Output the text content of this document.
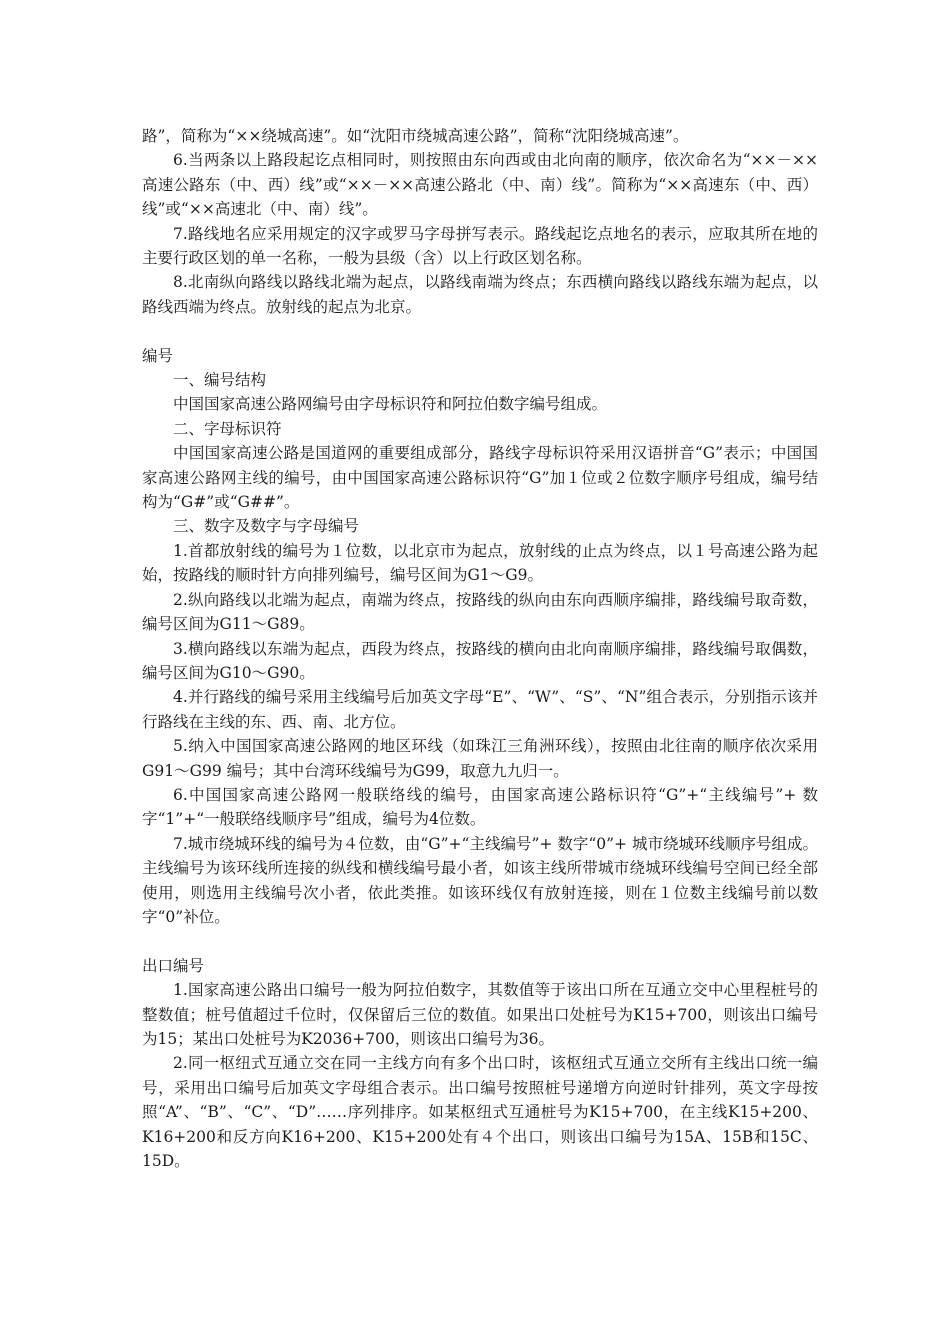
路”，简称为“××绕城高速”。如“沈阳市绕城高速公路”，简称“沈阳绕城高速”。

6.当两条以上路段起讫点相同时，则按照由东向西或由北向南的顺序，依次命名为“××－××高速公路东（中、西）线”或“××－××高速公路北（中、南）线”。简称为“××高速东（中、西）线”或“××高速北（中、南）线”。

7.路线地名应采用规定的汉字或罗马字母拼写表示。路线起讫点地名的表示，应取其所在地的主要行政区划的单一名称，一般为县级（含）以上行政区划名称。

8.北南纵向路线以路线北端为起点，以路线南端为终点；东西横向路线以路线东端为起点，以路线西端为终点。放射线的起点为北京。

编号

一、编号结构

中国国家高速公路网编号由字母标识符和阿拉伯数字编号组成。

二、字母标识符

中国国家高速公路是国道网的重要组成部分，路线字母标识符采用汉语拼音“G”表示；中国国家高速公路网主线的编号，由中国国家高速公路标识符“G”加１位或２位数字顺序号组成，编号结构为“G#”或“G##”。

三、数字及数字与字母编号

1.首都放射线的编号为１位数，以北京市为起点，放射线的止点为终点，以１号高速公路为起始，按路线的顺时针方向排列编号，编号区间为G1～G9。

2.纵向路线以北端为起点，南端为终点，按路线的纵向由东向西顺序编排，路线编号取奇数，编号区间为G11～G89。

3.横向路线以东端为起点，西段为终点，按路线的横向由北向南顺序编排，路线编号取偶数，编号区间为G10～G90。

4.并行路线的编号采用主线编号后加英文字母“E”、“W”、“S”、“N”组合表示，分别指示该并行路线在主线的东、西、南、北方位。

5.纳入中国国家高速公路网的地区环线（如珠江三角洲环线），按照由北往南的顺序依次采用G91～G99 编号；其中台湾环线编号为G99，取意九九归一。

6.中国国家高速公路网一般联络线的编号，由国家高速公路标识符“G”+“主线编号”+ 数字“1”+“一般联络线顺序号”组成，编号为4位数。

7.城市绕城环线的编号为４位数，由“G”+“主线编号”+ 数字“0”+ 城市绕城环线顺序号组成。主线编号为该环线所连接的纵线和横线编号最小者，如该主线所带城市绕城环线编号空间已经全部使用，则选用主线编号次小者，依此类推。如该环线仅有放射连接，则在１位数主线编号前以数字“0”补位。

出口编号

1.国家高速公路出口编号一般为阿拉伯数字，其数值等于该出口所在互通立交中心里程桩号的整数值；桩号值超过千位时，仅保留后三位的数值。如果出口处桩号为K15+700，则该出口编号为15；某出口处桩号为K2036+700，则该出口编号为36。

2.同一枢纽式互通立交在同一主线方向有多个出口时，该枢纽式互通立交所有主线出口统一编号，采用出口编号后加英文字母组合表示。出口编号按照桩号递增方向逆时针排列，英文字母按照“A”、“B”、“C”、“D”……序列排序。如某枢纽式互通桩号为K15+700，在主线K15+200、K16+200和反方向K16+200、K15+200处有４个出口，则该出口编号为15A、15B和15C、15D。
